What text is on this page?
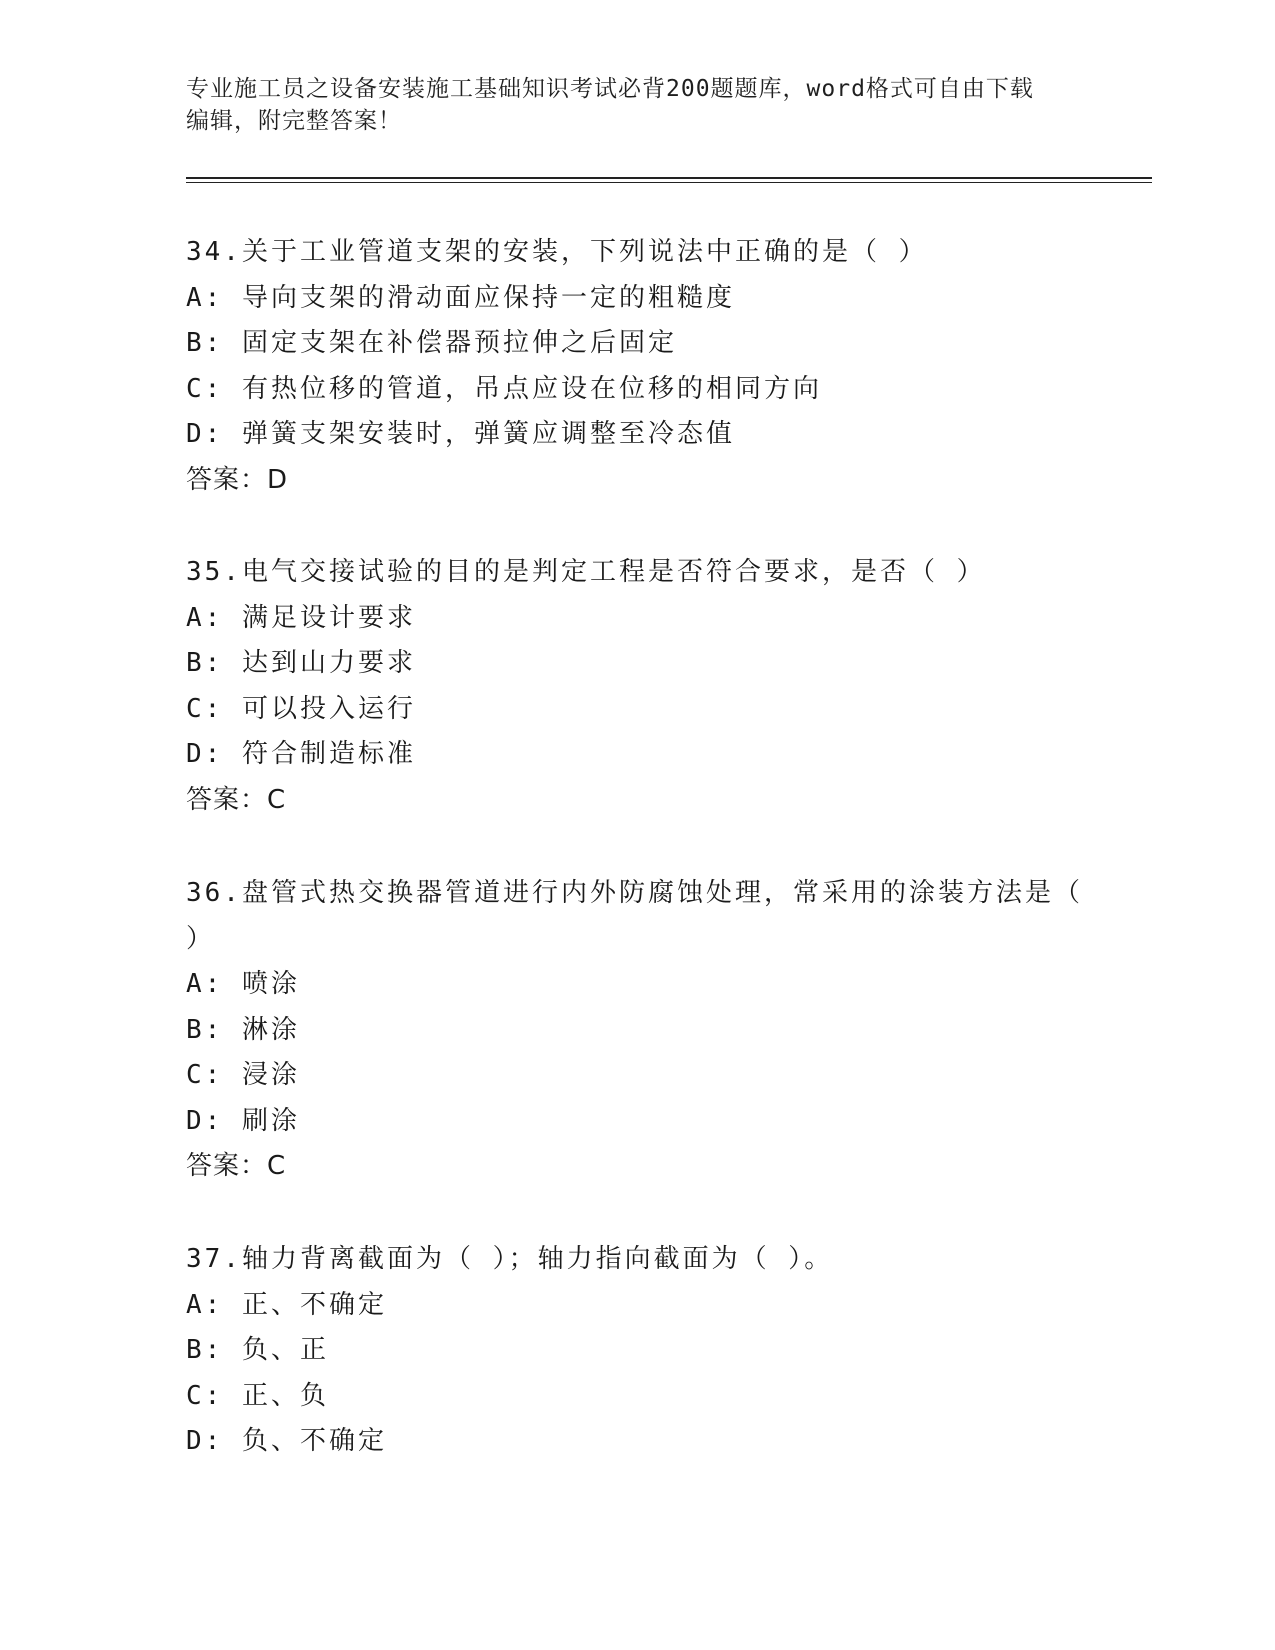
专业施工员之设备安装施工基础知识考试必背200题题库，word格式可自由下载
编辑，附完整答案！
34.关于工业管道支架的安装，下列说法中正确的是（ ）
A: 导向支架的滑动面应保持一定的粗糙度
B: 固定支架在补偿器预拉伸之后固定
C: 有热位移的管道，吊点应设在位移的相同方向
D: 弹簧支架安装时，弹簧应调整至冷态值
答案：D
35.电气交接试验的目的是判定工程是否符合要求，是否（ ）
A: 满足设计要求
B: 达到山力要求
C: 可以投入运行
D: 符合制造标准
答案：C
36.盘管式热交换器管道进行内外防腐蚀处理，常采用的涂装方法是（
）
A: 喷涂
B: 淋涂
C: 浸涂
D: 刷涂
答案：C
37.轴力背离截面为（ ）；轴力指向截面为（ ）。
A: 正、不确定
B: 负、正
C: 正、负
D: 负、不确定
